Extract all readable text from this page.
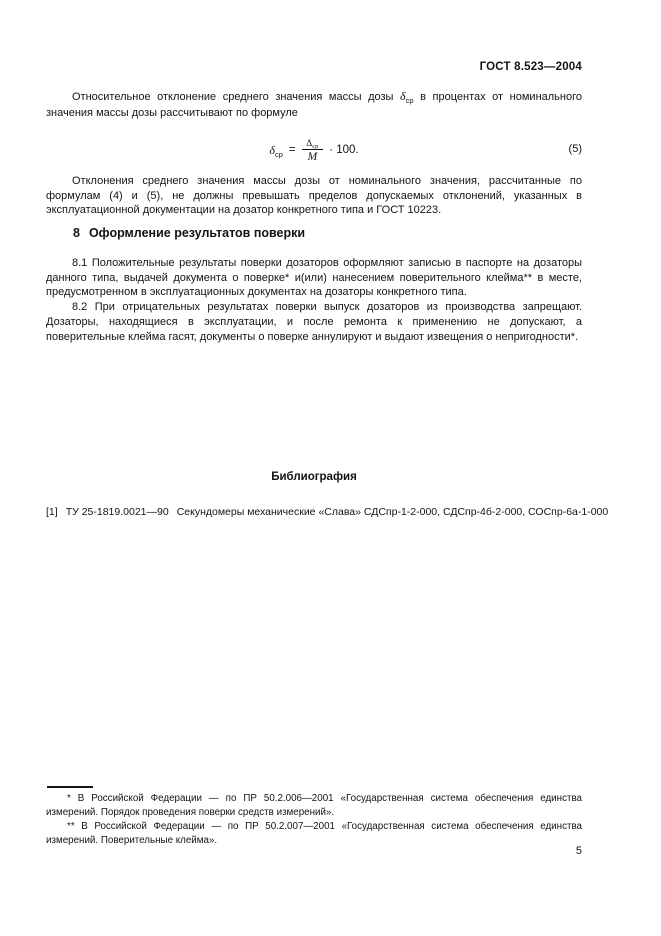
ГОСТ 8.523—2004

Относительное отклонение среднего значения массы дозы $\delta_{ср}$ в процентах от номинального значения массы дозы рассчитывают по формуле

$\delta_{ср} = \frac{\Delta_{ср}}{M} \cdot 100$.	(5)

Отклонения среднего значения массы дозы от номинального значения, рассчитанные по формулам (4) и (5), не должны превышать пределов допускаемых отклонений, указанных в эксплуатационной документации на дозатор конкретного типа и ГОСТ 10223.

8 Оформление результатов поверки

8.1 Положительные результаты поверки дозаторов оформляют записью в паспорте на дозаторы данного типа, выдачей документа о поверке* и(или) нанесением поверительного клейма** в месте, предусмотренном в эксплуатационных документах на дозаторы конкретного типа.

8.2 При отрицательных результатах поверки выпуск дозаторов из производства запрещают. Дозаторы, находящиеся в эксплуатации, и после ремонта к применению не допускают, а поверительные клейма гасят, документы о поверке аннулируют и выдают извещения о непригодности*.

Библиография
[1] ТУ 25-1819.0021—90 Секундомеры механические «Слава» СДСпр-1-2-000, СДСпр-4б-2-000, СОСпр-6а-1-000

* В Российской Федерации — по ПР 50.2.006—2001 «Государственная система обеспечения единства измерений. Порядок проведения поверки средств измерений».

** В Российской Федерации — по ПР 50.2.007—2001 «Государственная система обеспечения единства измерений. Поверительные клейма».

5
